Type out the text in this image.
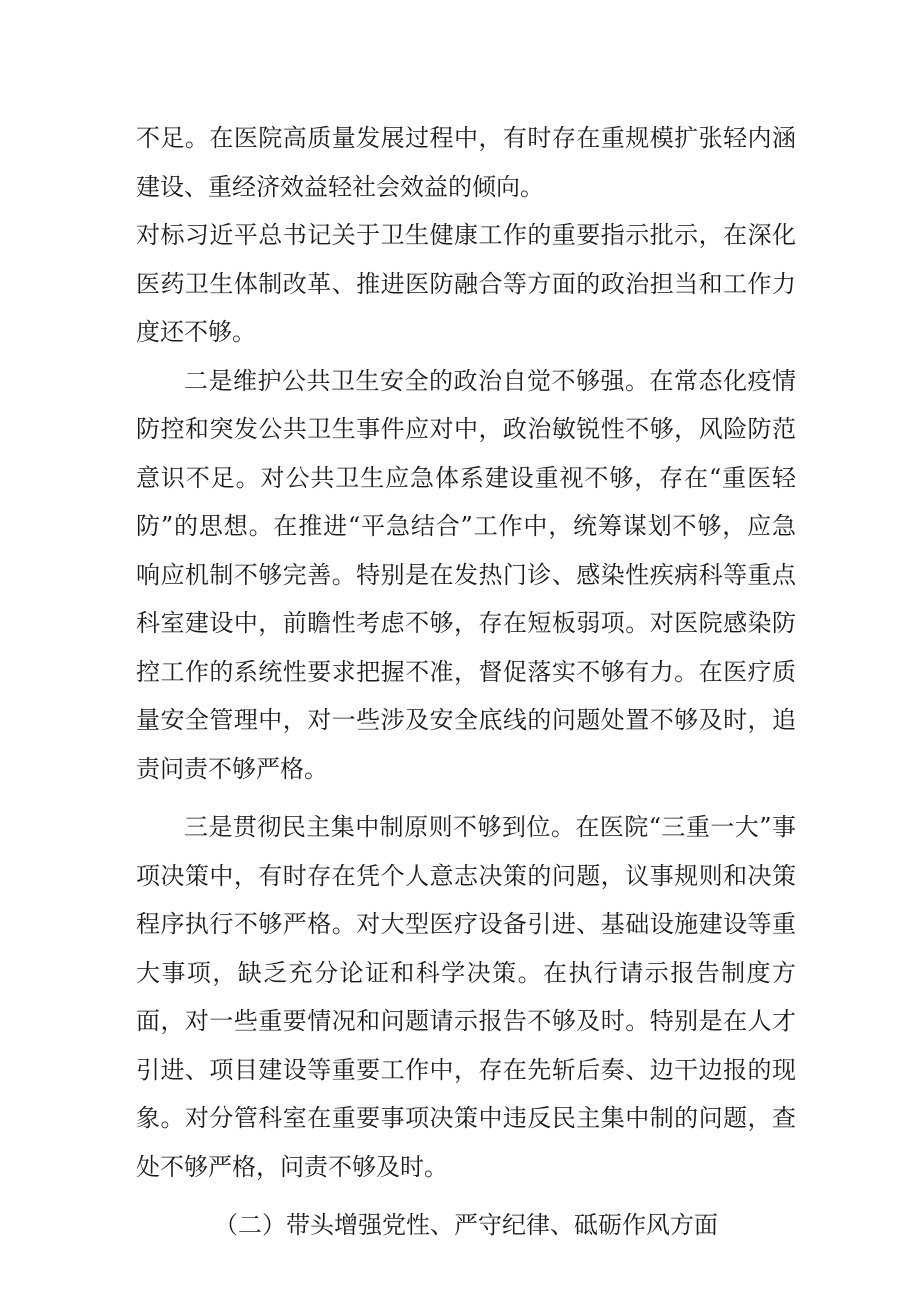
不足。在医院高质量发展过程中，有时存在重规模扩张轻内涵建设、重经济效益轻社会效益的倾向。

对标习近平总书记关于卫生健康工作的重要指示批示，在深化医药卫生体制改革、推进医防融合等方面的政治担当和工作力度还不够。

二是维护公共卫生安全的政治自觉不够强。在常态化疫情防控和突发公共卫生事件应对中，政治敏锐性不够，风险防范意识不足。对公共卫生应急体系建设重视不够，存在“重医轻防”的思想。在推进“平急结合”工作中，统筹谋划不够，应急响应机制不够完善。特别是在发热门诊、感染性疾病科等重点科室建设中，前瞻性考虑不够，存在短板弱项。对医院感染防控工作的系统性要求把握不准，督促落实不够有力。在医疗质量安全管理中，对一些涉及安全底线的问题处置不够及时，追责问责不够严格。

三是贯彻民主集中制原则不够到位。在医院“三重一大”事项决策中，有时存在凭个人意志决策的问题，议事规则和决策程序执行不够严格。对大型医疗设备引进、基础设施建设等重大事项，缺乏充分论证和科学决策。在执行请示报告制度方面，对一些重要情况和问题请示报告不够及时。特别是在人才引进、项目建设等重要工作中，存在先斩后奏、边干边报的现象。对分管科室在重要事项决策中违反民主集中制的问题，查处不够严格，问责不够及时。

（二）带头增强党性、严守纪律、砥砺作风方面
